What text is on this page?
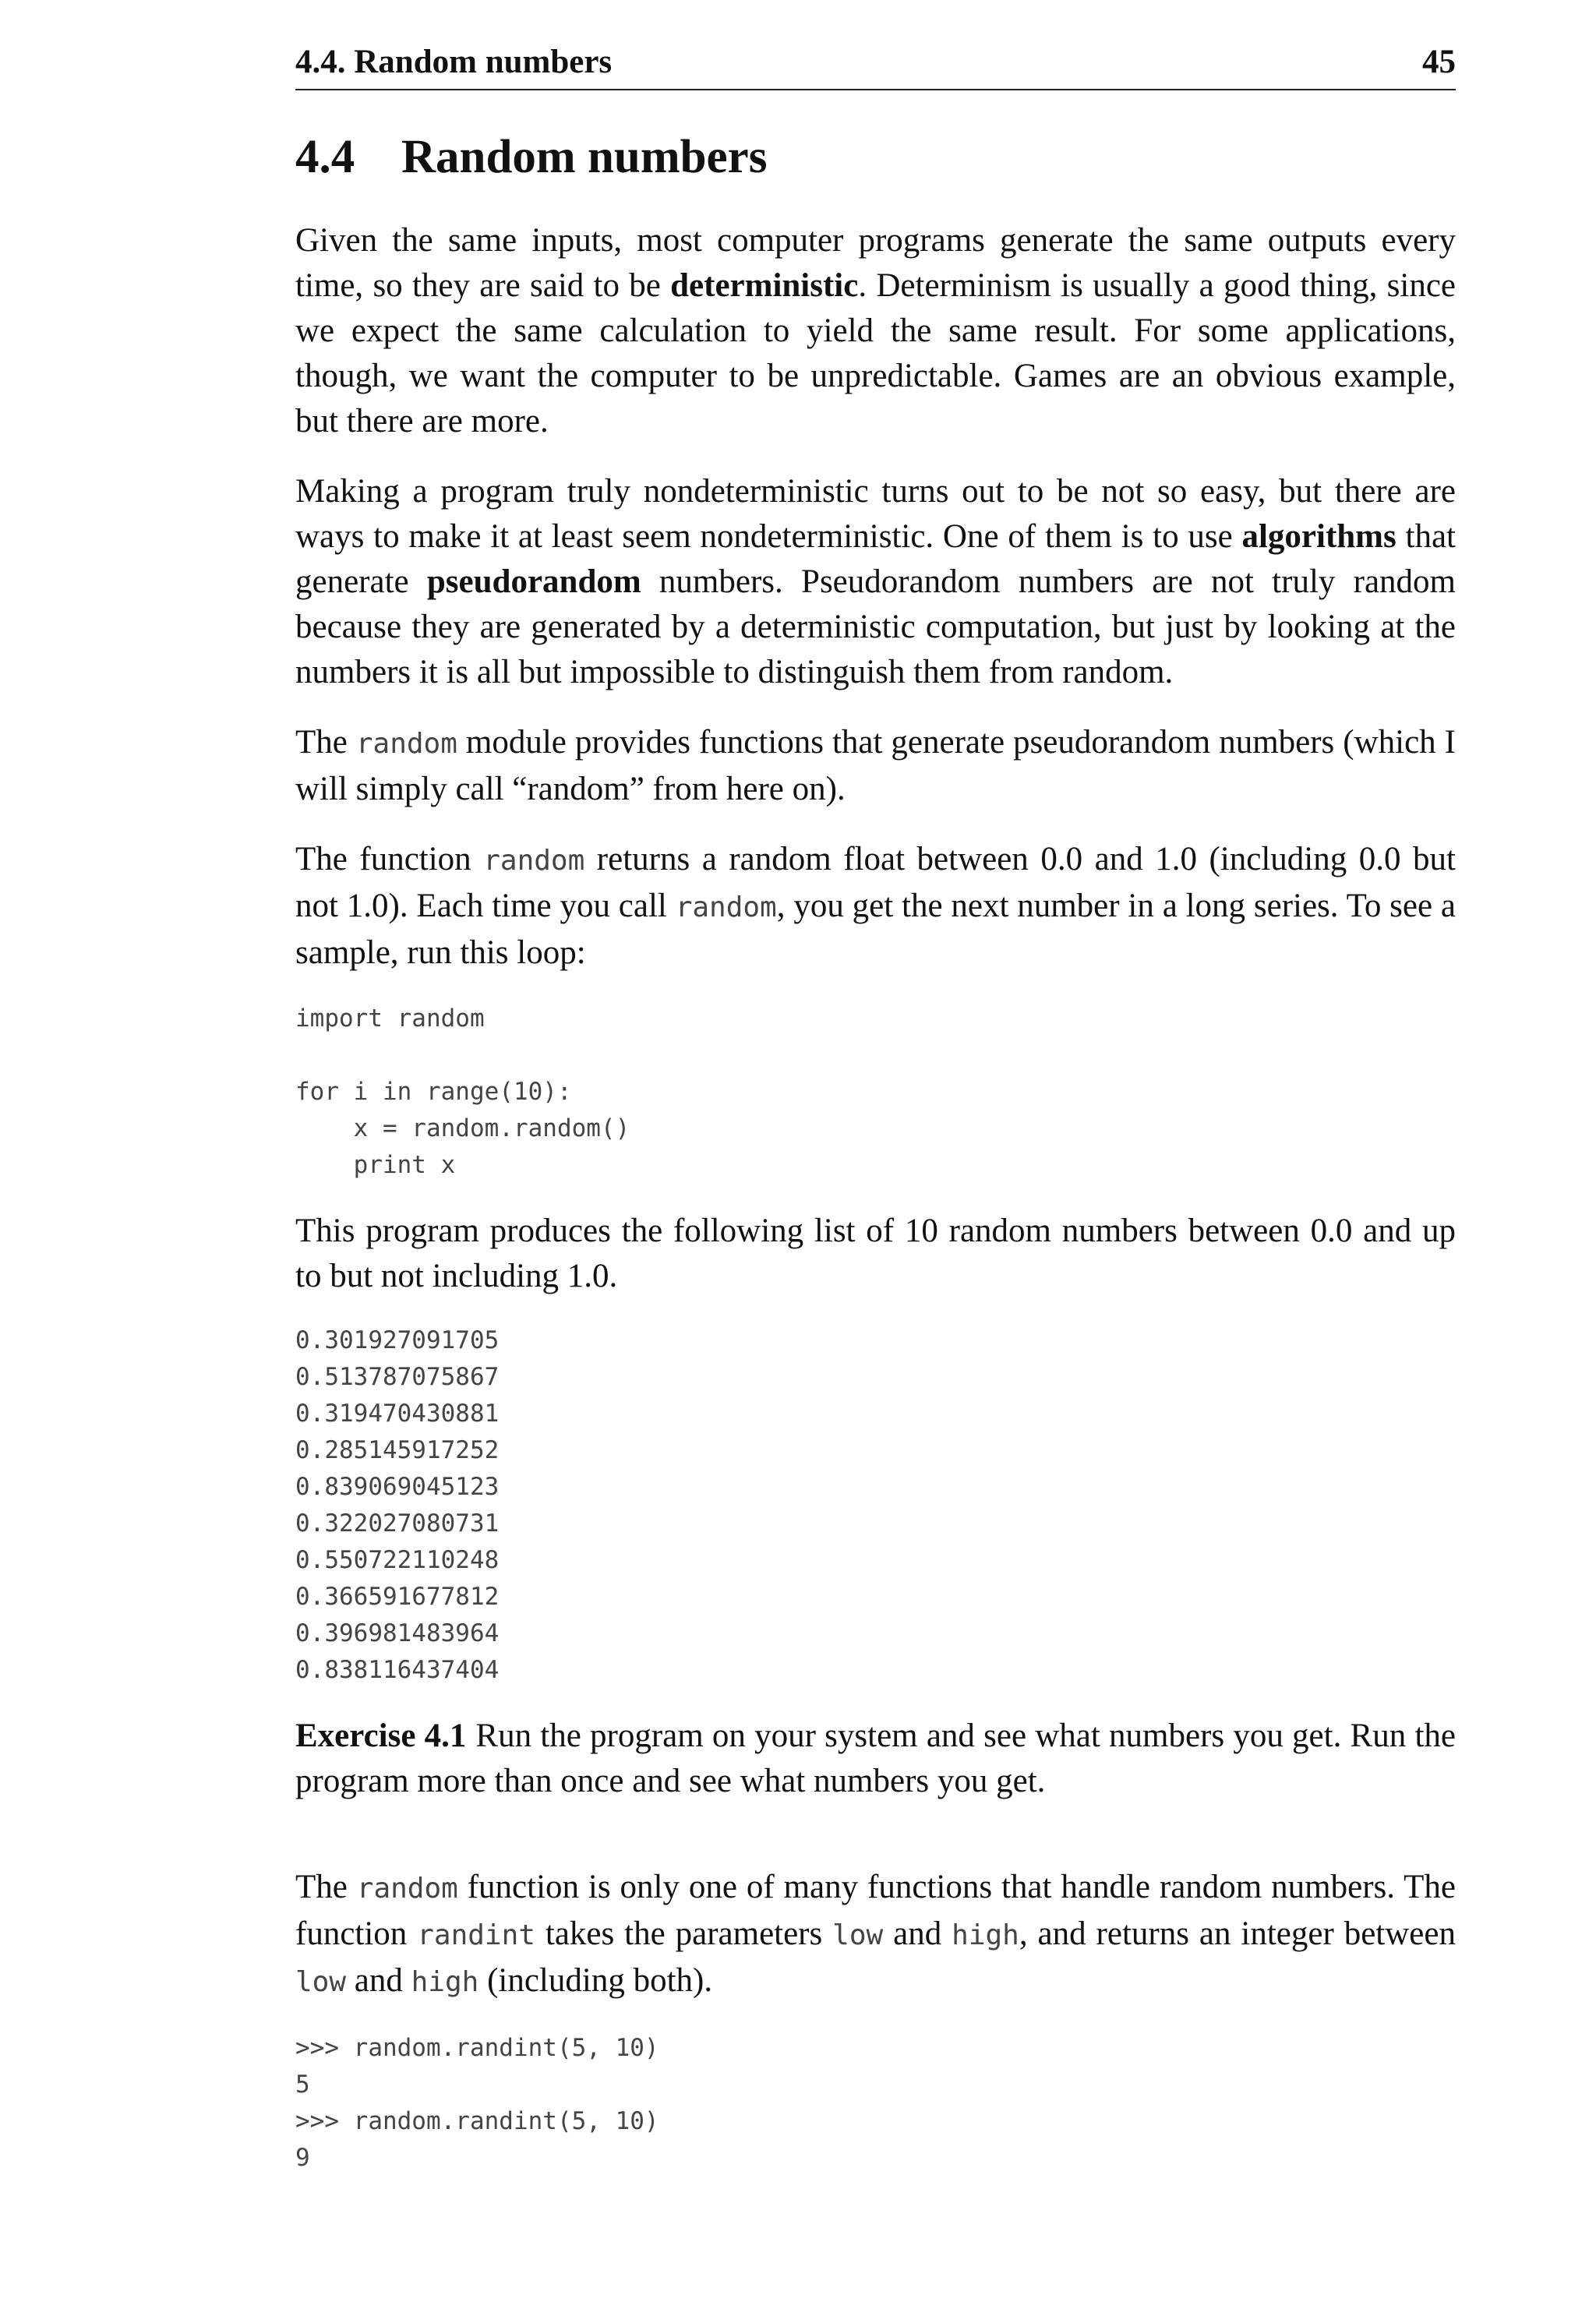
4.4. Random numbers	45
4.4 Random numbers

Given the same inputs, most computer programs generate the same outputs every time, so they are said to be deterministic. Determinism is usually a good thing, since we expect the same calculation to yield the same result. For some applications, though, we want the computer to be unpredictable. Games are an obvious example, but there are more.

Making a program truly nondeterministic turns out to be not so easy, but there are ways to make it at least seem nondeterministic. One of them is to use algorithms that generate pseudorandom numbers. Pseudorandom numbers are not truly random because they are generated by a deterministic computation, but just by looking at the numbers it is all but impossible to distinguish them from random.

The random module provides functions that generate pseudorandom numbers (which I will simply call “random” from here on).

The function random returns a random float between 0.0 and 1.0 (including 0.0 but not 1.0). Each time you call random, you get the next number in a long series. To see a sample, run this loop:

import random

for i in range(10):
x = random.random()
print x

This program produces the following list of 10 random numbers between 0.0 and up to but not including 1.0.

0.301927091705
0.513787075867
0.319470430881
0.285145917252
0.839069045123
0.322027080731
0.550722110248
0.366591677812
0.396981483964
0.838116437404

Exercise 4.1 Run the program on your system and see what numbers you get. Run the program more than once and see what numbers you get.

The random function is only one of many functions that handle random numbers. The function randint takes the parameters low and high, and returns an integer between low and high (including both).

>>> random.randint(5, 10)
5
>>> random.randint(5, 10)
9
